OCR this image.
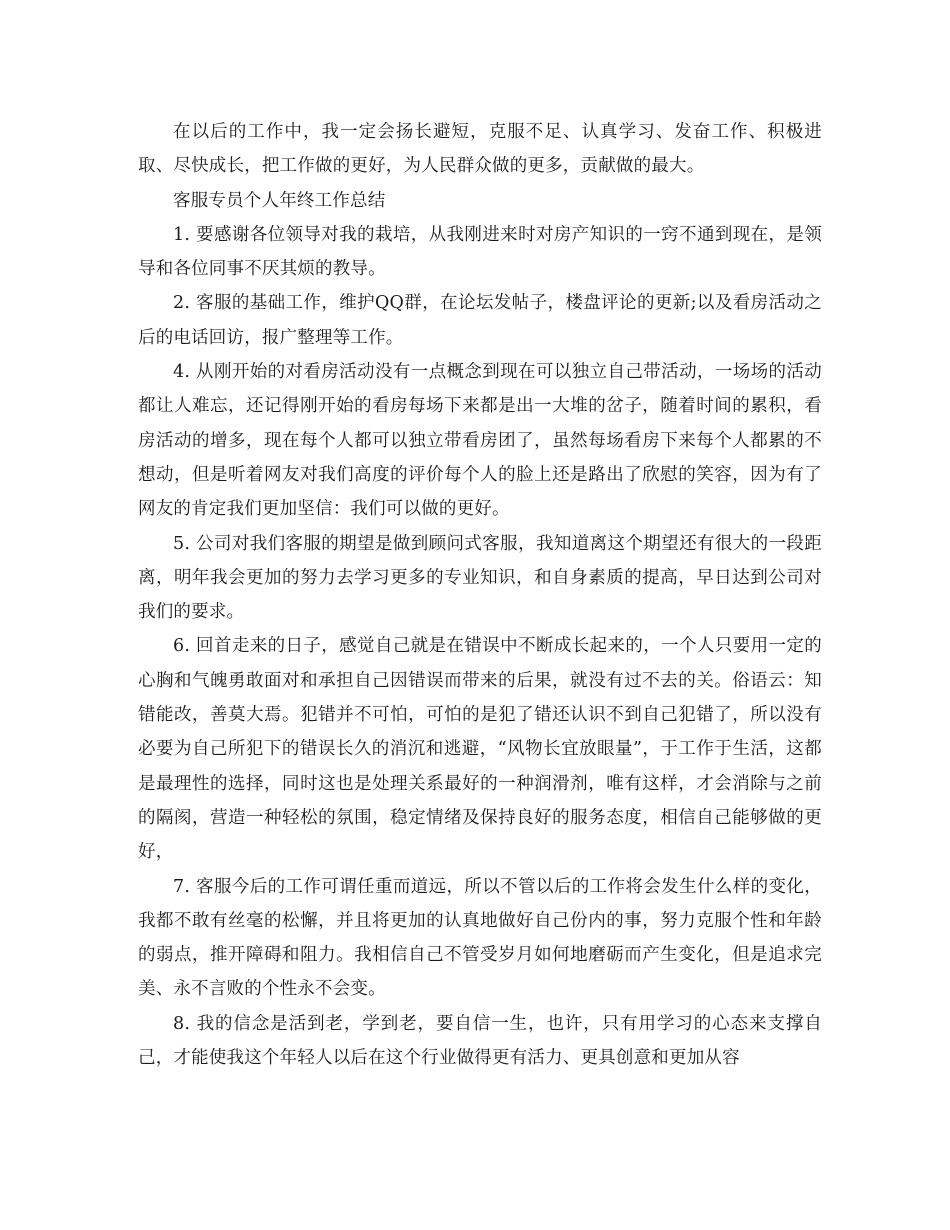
在以后的工作中，我一定会扬长避短，克服不足、认真学习、发奋工作、积极进取、尽快成长，把工作做的更好，为人民群众做的更多，贡献做的最大。

客服专员个人年终工作总结

1. 要感谢各位领导对我的栽培，从我刚进来时对房产知识的一窍不通到现在，是领导和各位同事不厌其烦的教导。

2. 客服的基础工作，维护QQ群，在论坛发帖子，楼盘评论的更新;以及看房活动之后的电话回访，报广整理等工作。

4. 从刚开始的对看房活动没有一点概念到现在可以独立自己带活动，一场场的活动都让人难忘，还记得刚开始的看房每场下来都是出一大堆的岔子，随着时间的累积，看房活动的增多，现在每个人都可以独立带看房团了，虽然每场看房下来每个人都累的不想动，但是听着网友对我们高度的评价每个人的脸上还是路出了欣慰的笑容，因为有了网友的肯定我们更加坚信：我们可以做的更好。

5. 公司对我们客服的期望是做到顾问式客服，我知道离这个期望还有很大的一段距离，明年我会更加的努力去学习更多的专业知识，和自身素质的提高，早日达到公司对我们的要求。

6. 回首走来的日子，感觉自己就是在错误中不断成长起来的，一个人只要用一定的心胸和气魄勇敢面对和承担自己因错误而带来的后果，就没有过不去的关。俗语云：知错能改，善莫大焉。犯错并不可怕，可怕的是犯了错还认识不到自己犯错了，所以没有必要为自己所犯下的错误长久的消沉和逃避，“风物长宜放眼量”，于工作于生活，这都是最理性的选择，同时这也是处理关系最好的一种润滑剂，唯有这样，才会消除与之前的隔阂，营造一种轻松的氛围，稳定情绪及保持良好的服务态度，相信自己能够做的更好，

7. 客服今后的工作可谓任重而道远，所以不管以后的工作将会发生什么样的变化，我都不敢有丝毫的松懈，并且将更加的认真地做好自己份内的事，努力克服个性和年龄的弱点，推开障碍和阻力。我相信自己不管受岁月如何地磨砺而产生变化，但是追求完美、永不言败的个性永不会变。

8. 我的信念是活到老，学到老，要自信一生，也许，只有用学习的心态来支撑自己，才能使我这个年轻人以后在这个行业做得更有活力、更具创意和更加从容
